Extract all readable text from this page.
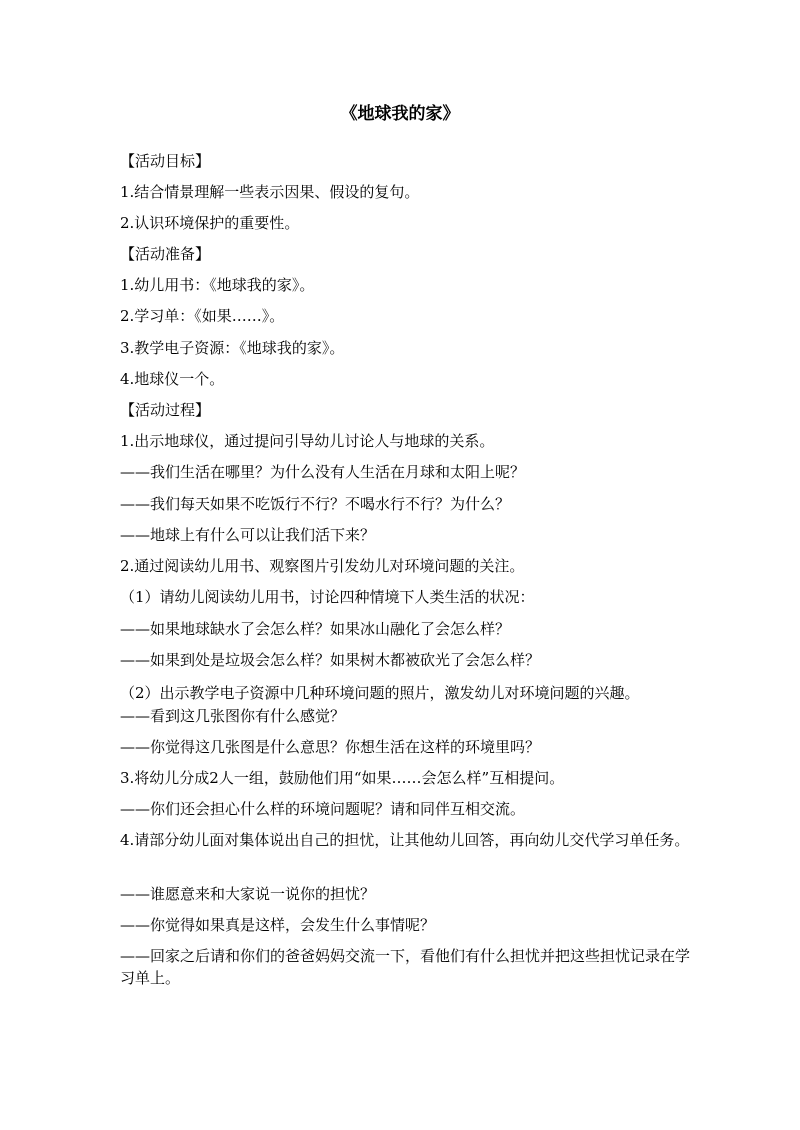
《地球我的家》
【活动目标】
1.结合情景理解一些表示因果、假设的复句。
2.认识环境保护的重要性。
【活动准备】
1.幼儿用书：《地球我的家》。
2.学习单：《如果……》。
3.教学电子资源：《地球我的家》。
4.地球仪一个。
【活动过程】
1.出示地球仪，通过提问引导幼儿讨论人与地球的关系。
——我们生活在哪里？为什么没有人生活在月球和太阳上呢？
——我们每天如果不吃饭行不行？不喝水行不行？为什么？
——地球上有什么可以让我们活下来？
2.通过阅读幼儿用书、观察图片引发幼儿对环境问题的关注。
（1）请幼儿阅读幼儿用书，讨论四种情境下人类生活的状况：
——如果地球缺水了会怎么样？如果冰山融化了会怎么样？
——如果到处是垃圾会怎么样？如果树木都被砍光了会怎么样？
（2）出示教学电子资源中几种环境问题的照片，激发幼儿对环境问题的兴趣。
——看到这几张图你有什么感觉？
——你觉得这几张图是什么意思？你想生活在这样的环境里吗？
3.将幼儿分成2人一组，鼓励他们用“如果……会怎么样”互相提问。
——你们还会担心什么样的环境问题呢？请和同伴互相交流。
4.请部分幼儿面对集体说出自己的担忧，让其他幼儿回答，再向幼儿交代学习单任务。
——谁愿意来和大家说一说你的担忧？
——你觉得如果真是这样，会发生什么事情呢？
——回家之后请和你们的爸爸妈妈交流一下，看他们有什么担忧并把这些担忧记录在学习单上。
